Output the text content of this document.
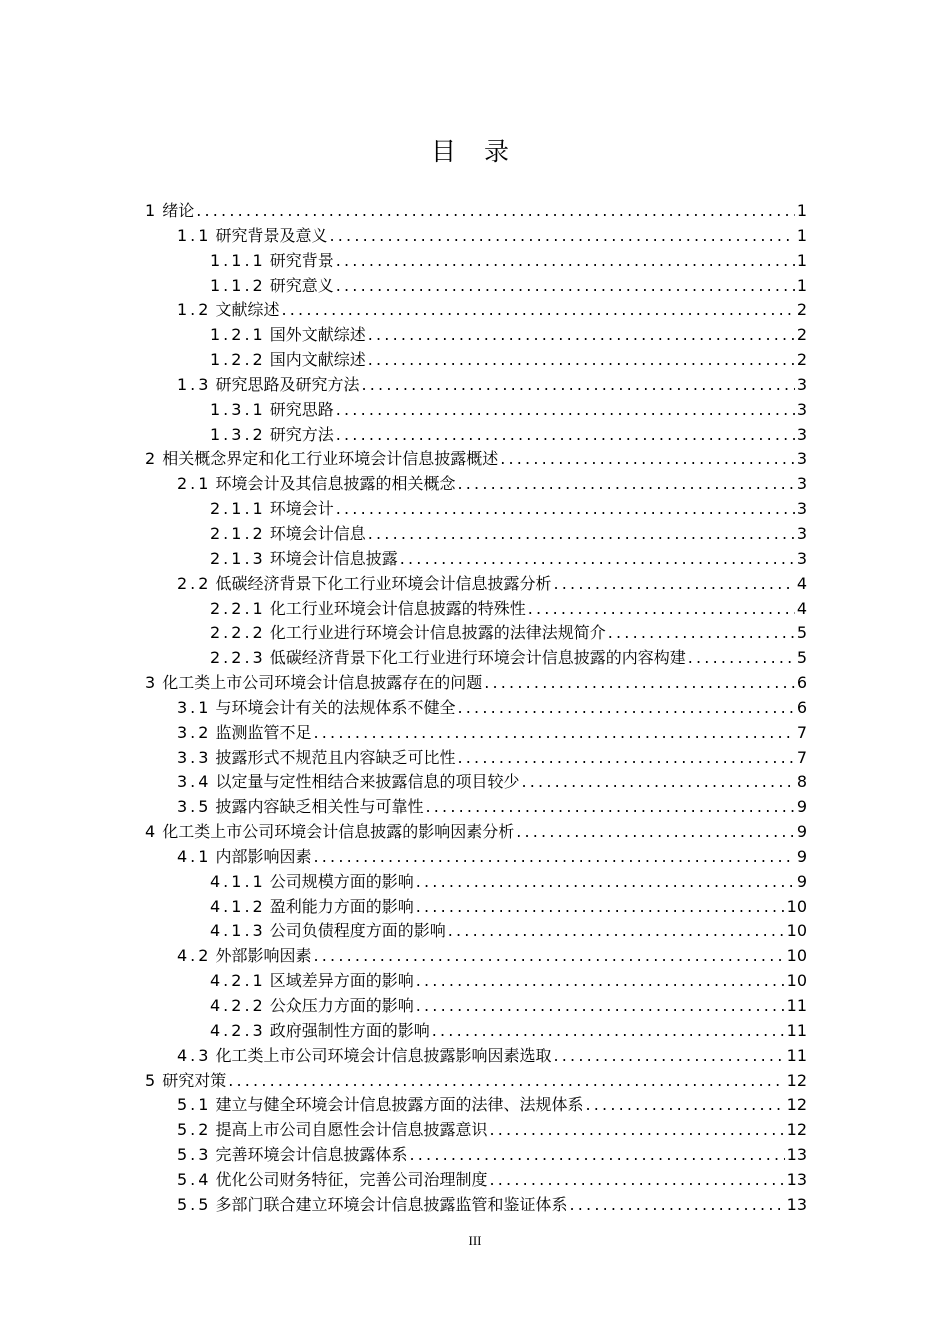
目 录
1 绪论 .....	1
1.1 研究背景及意义 .....	1
1.1.1 研究背景 .....	1
1.1.2 研究意义 .....	1
1.2 文献综述 .....	2
1.2.1 国外文献综述 .....	2
1.2.2 国内文献综述 .....	2
1.3 研究思路及研究方法 .....	3
1.3.1 研究思路 .....	3
1.3.2 研究方法 .....	3
2 相关概念界定和化工行业环境会计信息披露概述 .....	3
2.1 环境会计及其信息披露的相关概念 .....	3
2.1.1 环境会计 .....	3
2.1.2 环境会计信息 .....	3
2.1.3 环境会计信息披露 .....	3
2.2 低碳经济背景下化工行业环境会计信息披露分析 .....	4
2.2.1 化工行业环境会计信息披露的特殊性 .....	4
2.2.2 化工行业进行环境会计信息披露的法律法规简介 .....	5
2.2.3 低碳经济背景下化工行业进行环境会计信息披露的内容构建 .....	5
3 化工类上市公司环境会计信息披露存在的问题 .....	6
3.1 与环境会计有关的法规体系不健全 .....	6
3.2 监测监管不足 .....	7
3.3 披露形式不规范且内容缺乏可比性 .....	7
3.4 以定量与定性相结合来披露信息的项目较少 .....	8
3.5 披露内容缺乏相关性与可靠性 .....	9
4 化工类上市公司环境会计信息披露的影响因素分析 .....	9
4.1 内部影响因素 .....	9
4.1.1 公司规模方面的影响 .....	9
4.1.2 盈利能力方面的影响 .....	10
4.1.3 公司负债程度方面的影响 .....	10
4.2 外部影响因素 .....	10
4.2.1 区域差异方面的影响 .....	10
4.2.2 公众压力方面的影响 .....	11
4.2.3 政府强制性方面的影响 .....	11
4.3 化工类上市公司环境会计信息披露影响因素选取 .....	11
5 研究对策 .....	12
5.1 建立与健全环境会计信息披露方面的法律、法规体系 .....	12
5.2 提高上市公司自愿性会计信息披露意识 .....	12
5.3 完善环境会计信息披露体系 .....	13
5.4 优化公司财务特征，完善公司治理制度 .....	13
5.5 多部门联合建立环境会计信息披露监管和鉴证体系 .....	13
III
